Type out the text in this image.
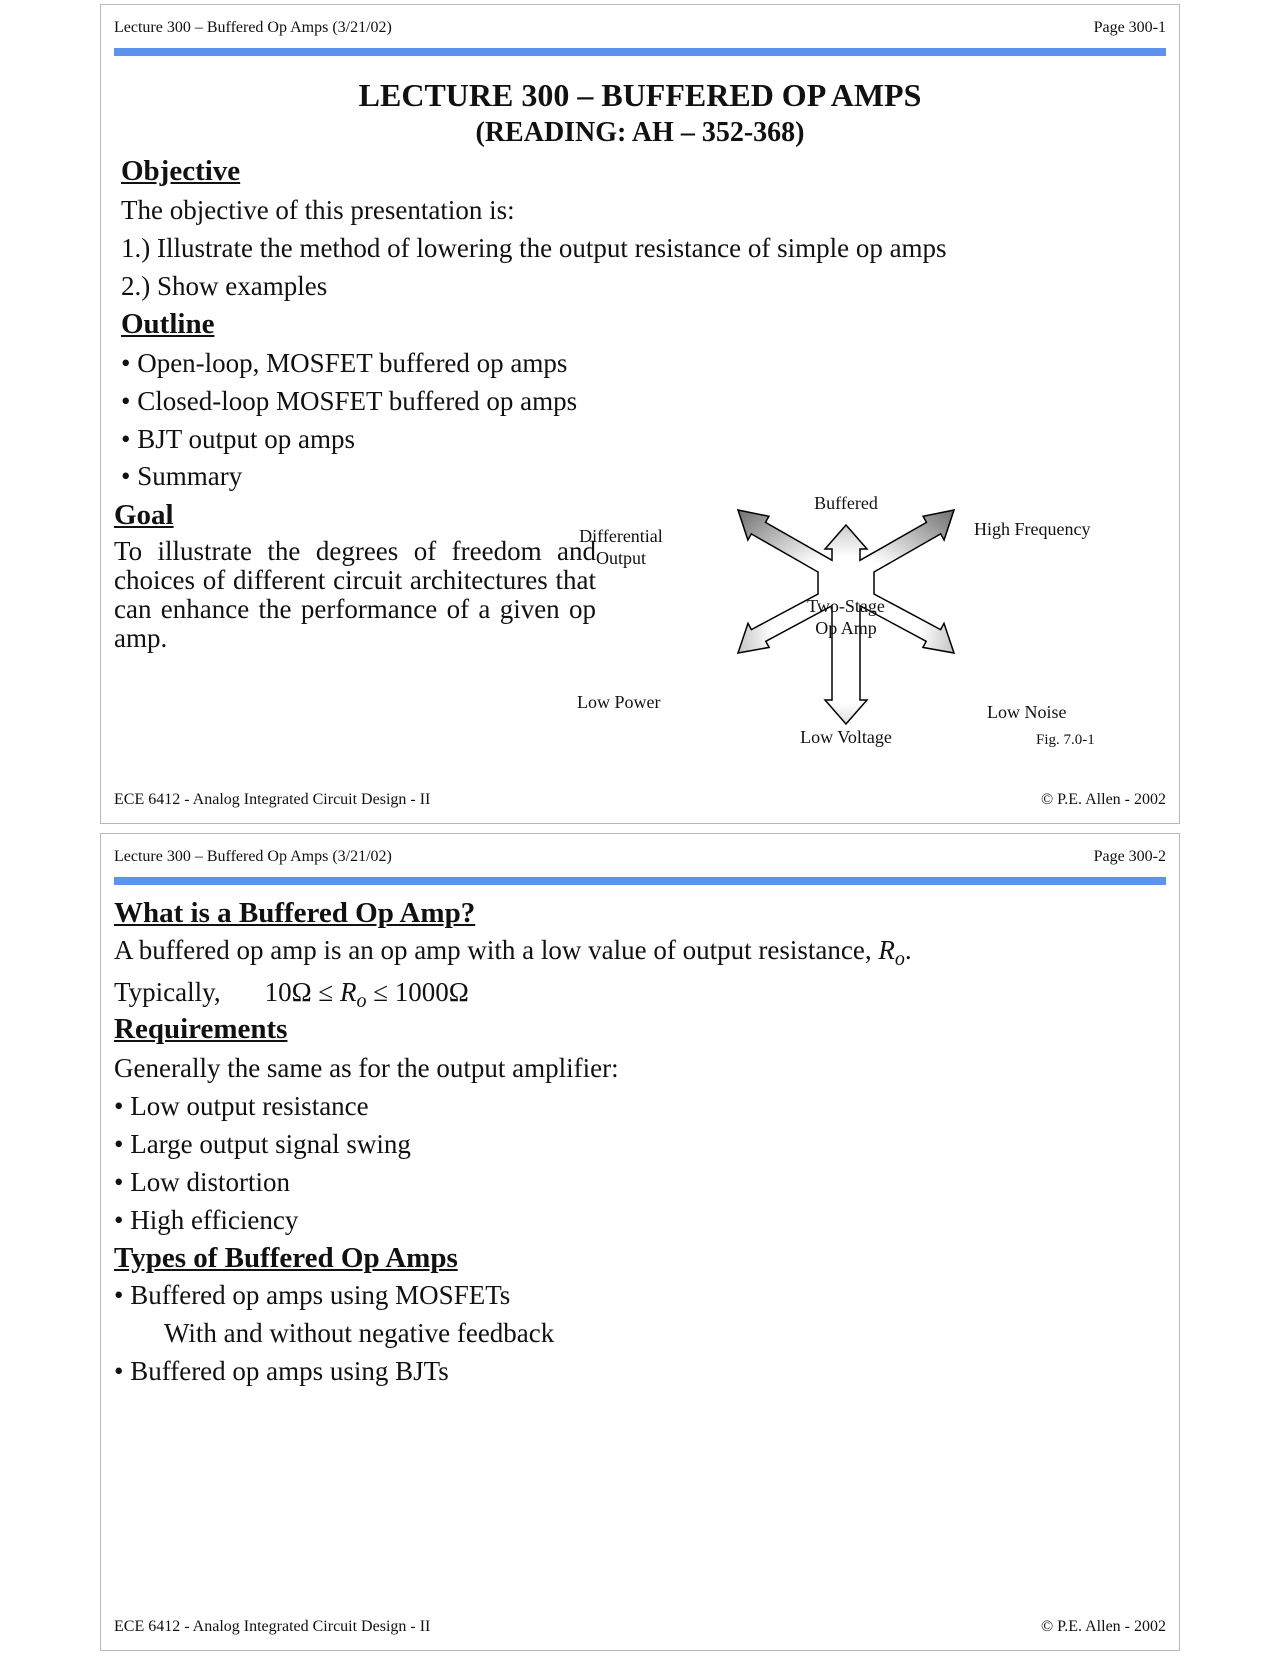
Lecture 300 – Buffered Op Amps (3/21/02)	Page 300-1
LECTURE 300 – BUFFERED OP AMPS
(READING: AH – 352-368)
Objective
The objective of this presentation is:
1.) Illustrate the method of lowering the output resistance of simple op amps
2.) Show examples
Outline
• Open-loop, MOSFET buffered op amps
• Closed-loop MOSFET buffered op amps
• BJT output op amps
• Summary
Goal
To illustrate the degrees of freedom and choices of different circuit architectures that can enhance the performance of a given op amp.
Two-Stage
Op Amp
Buffered
High Frequency
Differential
Output
Low Power
Low Voltage
Low Noise
Fig. 7.0-1
ECE 6412 - Analog Integrated Circuit Design - II	© P.E. Allen - 2002
Lecture 300 – Buffered Op Amps (3/21/02)	Page 300-2
What is a Buffered Op Amp?
A buffered op amp is an op amp with a low value of output resistance, $R_o$.
Typically, $10\Omega \le R_o \le 1000\Omega$
Requirements
Generally the same as for the output amplifier:
• Low output resistance
• Large output signal swing
• Low distortion
• High efficiency
Types of Buffered Op Amps
• Buffered op amps using MOSFETs
With and without negative feedback
• Buffered op amps using BJTs
ECE 6412 - Analog Integrated Circuit Design - II	© P.E. Allen - 2002
